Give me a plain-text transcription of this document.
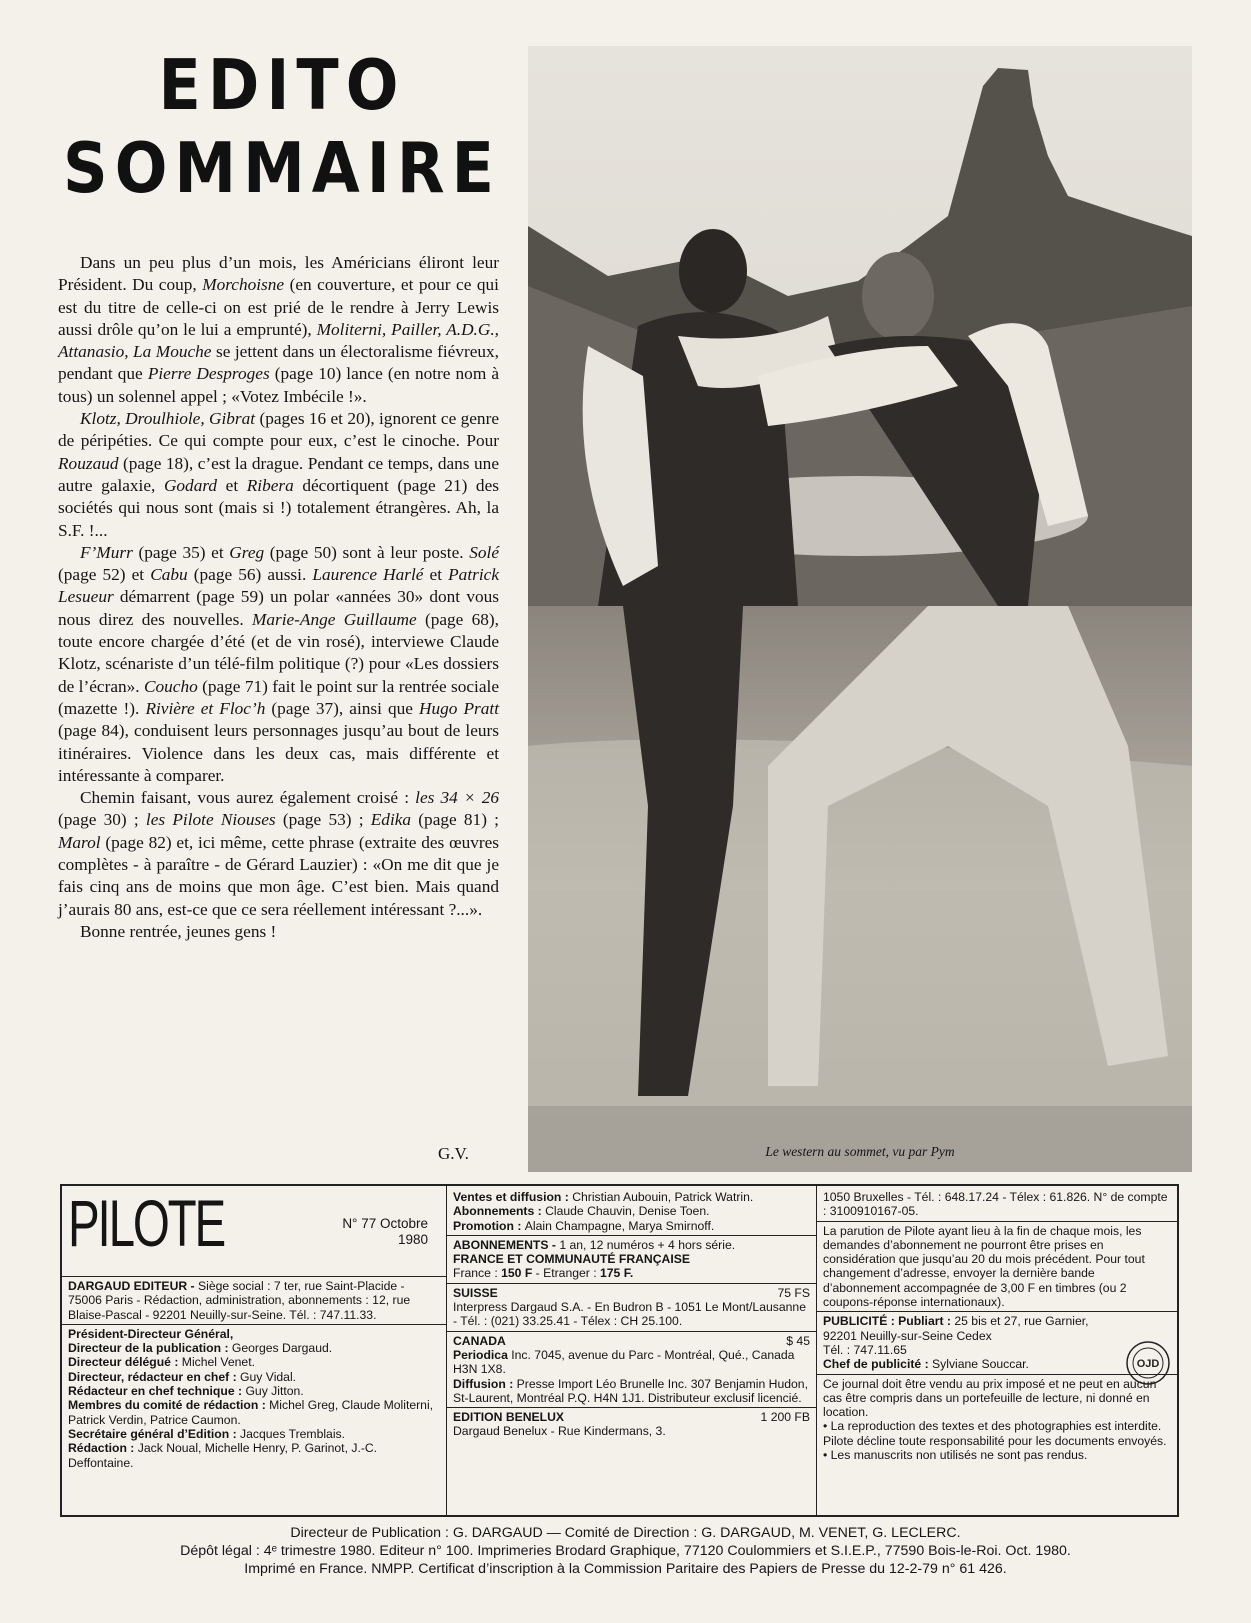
EDITO
SOMMAIRE

Dans un peu plus d’un mois, les Américians éliront leur Président. Du coup, Morchoisne (en couverture, et pour ce qui est du titre de celle-ci on est prié de le rendre à Jerry Lewis aussi drôle qu’on le lui a emprunté), Moliterni, Pailler, A.D.G., Attanasio, La Mouche se jettent dans un électoralisme fiévreux, pendant que Pierre Desproges (page 10) lance (en notre nom à tous) un solennel appel ; «Votez Imbécile !».

Klotz, Droulhiole, Gibrat (pages 16 et 20), ignorent ce genre de péripéties. Ce qui compte pour eux, c’est le cinoche. Pour Rouzaud (page 18), c’est la drague. Pendant ce temps, dans une autre galaxie, Godard et Ribera décortiquent (page 21) des sociétés qui nous sont (mais si !) totalement étrangères. Ah, la S.F. !...

F’Murr (page 35) et Greg (page 50) sont à leur poste. Solé (page 52) et Cabu (page 56) aussi. Laurence Harlé et Patrick Lesueur démarrent (page 59) un polar «années 30» dont vous nous direz des nouvelles. Marie-Ange Guillaume (page 68), toute encore chargée d’été (et de vin rosé), interviewe Claude Klotz, scénariste d’un télé-film politique (?) pour «Les dossiers de l’écran». Coucho (page 71) fait le point sur la rentrée sociale (mazette !). Rivière et Floc’h (page 37), ainsi que Hugo Pratt (page 84), conduisent leurs personnages jusqu’au bout de leurs itinéraires. Violence dans les deux cas, mais différente et intéressante à comparer.

Chemin faisant, vous aurez également croisé : les 34 × 26 (page 30) ; les Pilote Niouses (page 53) ; Edika (page 81) ; Marol (page 82) et, ici même, cette phrase (extraite des œuvres complètes - à paraître - de Gérard Lauzier) : «On me dit que je fais cinq ans de moins que mon âge. C’est bien. Mais quand j’aurais 80 ans, est-ce que ce sera réellement intéressant ?...».

Bonne rentrée, jeunes gens !

G.V.	Le western au sommet, vu par Pym
PILOTE	N° 77 Octobre
1980
DARGAUD EDITEUR - Siège social : 7 ter, rue Saint-Placide - 75006 Paris - Rédaction, administration, abonnements : 12, rue Blaise-Pascal - 92201 Neuilly-sur-Seine. Tél. : 747.11.33.
Président-Directeur Général,
Directeur de la publication : Georges Dargaud.
Directeur délégué : Michel Venet.
Directeur, rédacteur en chef : Guy Vidal.
Rédacteur en chef technique : Guy Jitton.
Membres du comité de rédaction : Michel Greg, Claude Moliterni, Patrick Verdin, Patrice Caumon.
Secrétaire général d’Edition : Jacques Tremblais.
Rédaction : Jack Noual, Michelle Henry, P. Garinot, J.-C. Deffontaine.
Ventes et diffusion : Christian Aubouin, Patrick Watrin.
Abonnements : Claude Chauvin, Denise Toen.
Promotion : Alain Champagne, Marya Smirnoff.
ABONNEMENTS - 1 an, 12 numéros + 4 hors série.
FRANCE ET COMMUNAUTÉ FRANÇAISE
France : 150 F - Etranger : 175 F.
SUISSE	75 FS
Interpress Dargaud S.A. - En Budron B - 1051 Le Mont/Lausanne - Tél. : (021) 33.25.41 - Télex : CH 25.100.
CANADA	$ 45
Periodica Inc. 7045, avenue du Parc - Montréal, Qué., Canada H3N 1X8.
Diffusion : Presse Import Léo Brunelle Inc. 307 Benjamin Hudon, St-Laurent, Montréal P.Q. H4N 1J1. Distributeur exclusif licencié.
EDITION BENELUX	1 200 FB
Dargaud Benelux - Rue Kindermans, 3.
1050 Bruxelles - Tél. : 648.17.24 - Télex : 61.826. N° de compte : 3100910167-05.
La parution de Pilote ayant lieu à la fin de chaque mois, les demandes d’abonnement ne pourront être prises en considération que jusqu’au 20 du mois précédent. Pour tout changement d’adresse, envoyer la dernière bande d’abonnement accompagnée de 3,00 F en timbres (ou 2 coupons-réponse internationaux).
PUBLICITÉ : Publiart : 25 bis et 27, rue Garnier, 92201 Neuilly-sur-Seine Cedex
Tél. : 747.11.65
Chef de publicité : Sylviane Souccar.	OJD
Ce journal doit être vendu au prix imposé et ne peut en aucun cas être compris dans un portefeuille de lecture, ni donné en location.
• La reproduction des textes et des photographies est interdite. Pilote décline toute responsabilité pour les documents envoyés. • Les manuscrits non utilisés ne sont pas rendus.
Directeur de Publication : G. DARGAUD — Comité de Direction : G. DARGAUD, M. VENET, G. LECLERC.
Dépôt légal : 4ᵉ trimestre 1980. Editeur n° 100. Imprimeries Brodard Graphique, 77120 Coulommiers et S.I.E.P., 77590 Bois-le-Roi. Oct. 1980.
Imprimé en France. NMPP. Certificat d’inscription à la Commission Paritaire des Papiers de Presse du 12-2-79 n° 61 426.
